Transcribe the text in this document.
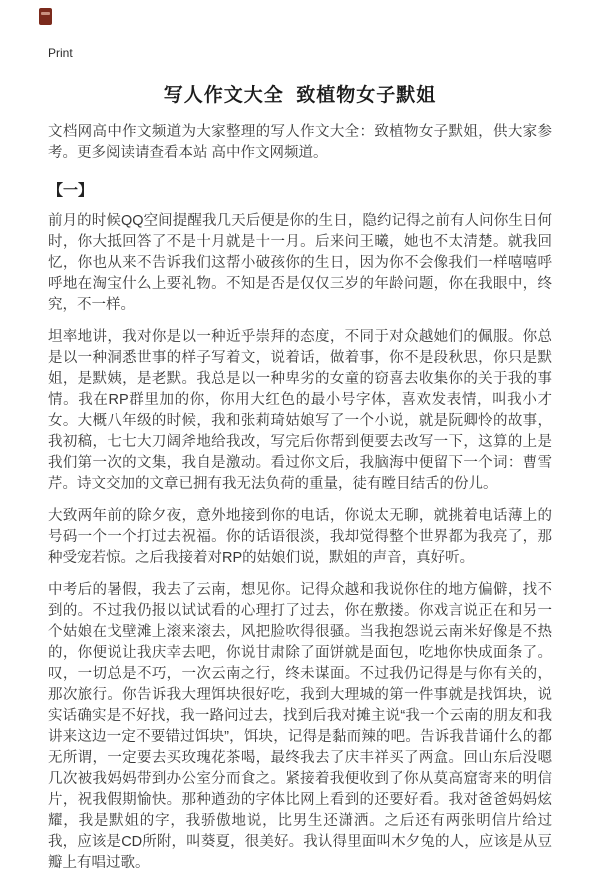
Print
写人作文大全  致植物女子默姐

文档网高中作文频道为大家整理的写人作文大全：致植物女子默姐，供大家参考。更多阅读请查看本站 高中作文网频道。

【一】

前月的时候QQ空间提醒我几天后便是你的生日，隐约记得之前有人问你生日何时，你大抵回答了不是十月就是十一月。后来问王曦，她也不太清楚。就我回忆，你也从来不告诉我们这帮小破孩你的生日，因为你不会像我们一样嘻嘻呼呼地在淘宝什么上要礼物。不知是否是仅仅三岁的年龄问题，你在我眼中，终究，不一样。

坦率地讲，我对你是以一种近乎崇拜的态度，不同于对众越她们的佩服。你总是以一种洞悉世事的样子写着文，说着话，做着事，你不是段秋思，你只是默姐，是默姨，是老默。我总是以一种卑劣的女童的窃喜去收集你的关于我的事情。我在RP群里加的你，你用大红色的最小号字体，喜欢发表情，叫我小才女。大概八年级的时候，我和张莉琦姑娘写了一个小说，就是阮卿怜的故事，我初稿，七七大刀阔斧地给我改，写完后你帮到便要去改写一下，这算的上是我们第一次的文集，我自是激动。看过你文后，我脑海中便留下一个词：曹雪芹。诗文交加的文章已拥有我无法负荷的重量，徒有瞠目结舌的份儿。

大致两年前的除夕夜，意外地接到你的电话，你说太无聊，就挑着电话薄上的号码一个一个打过去祝福。你的话语很淡，我却觉得整个世界都为我亮了，那种受宠若惊。之后我接着对RP的姑娘们说，默姐的声音，真好听。

中考后的暑假，我去了云南，想见你。记得众越和我说你住的地方偏僻，找不到的。不过我仍报以试试看的心理打了过去，你在敷搂。你戏言说正在和另一个姑娘在戈壁滩上滚来滚去，风把脸吹得很骚。当我抱怨说云南米好像是不热的，你便说让我庆幸去吧，你说甘肃除了面饼就是面包，吃地你快成面条了。叹，一切总是不巧，一次云南之行，终未谋面。不过我仍记得是与你有关的，那次旅行。你告诉我大理饵块很好吃，我到大理城的第一件事就是找饵块，说实话确实是不好找，我一路问过去，找到后我对摊主说“我一个云南的朋友和我讲来这边一定不要错过饵块”，饵块，记得是黏而辣的吧。告诉我昔诵什么的都无所谓，一定要去买玫瑰花茶喝，最终我去了庆丰祥买了两盒。回山东后没嗯几次被我妈妈带到办公室分而食之。紧接着我便收到了你从莫高窟寄来的明信片，祝我假期愉快。那种遒劲的字体比网上看到的还要好看。我对爸爸妈妈炫耀，我是默姐的字，我骄傲地说，比男生还潇洒。之后还有两张明信片给过我，应该是CD所附，叫葵夏，很美好。我认得里面叫木夕兔的人，应该是从豆瓣上有唱过歌。
